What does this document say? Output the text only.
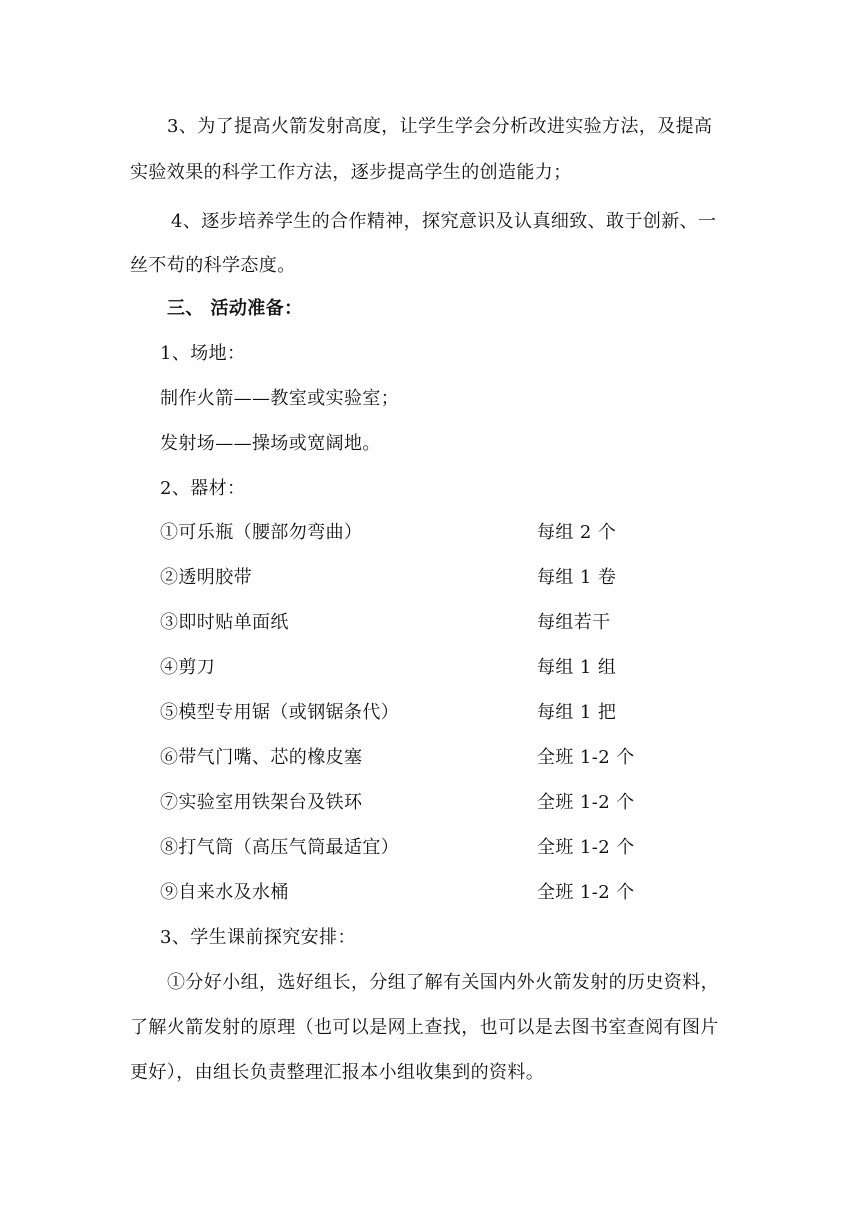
3、为了提高火箭发射高度，让学生学会分析改进实验方法，及提高
实验效果的科学工作方法，逐步提高学生的创造能力；
4、逐步培养学生的合作精神，探究意识及认真细致、敢于创新、一
丝不苟的科学态度。
三、 活动准备：
1、场地：
制作火箭——教室或实验室；
发射场——操场或宽阔地。
2、器材：
①可乐瓶（腰部勿弯曲）	每组 2 个
②透明胶带	每组 1 卷
③即时贴单面纸	每组若干
④剪刀	每组 1 组
⑤模型专用锯（或钢锯条代）	每组 1 把
⑥带气门嘴、芯的橡皮塞	全班 1-2 个
⑦实验室用铁架台及铁环	全班 1-2 个
⑧打气筒（高压气筒最适宜）	全班 1-2 个
⑨自来水及水桶	全班 1-2 个
3、学生课前探究安排：
①分好小组，选好组长，分组了解有关国内外火箭发射的历史资料，
了解火箭发射的原理（也可以是网上查找，也可以是去图书室查阅有图片
更好），由组长负责整理汇报本小组收集到的资料。
